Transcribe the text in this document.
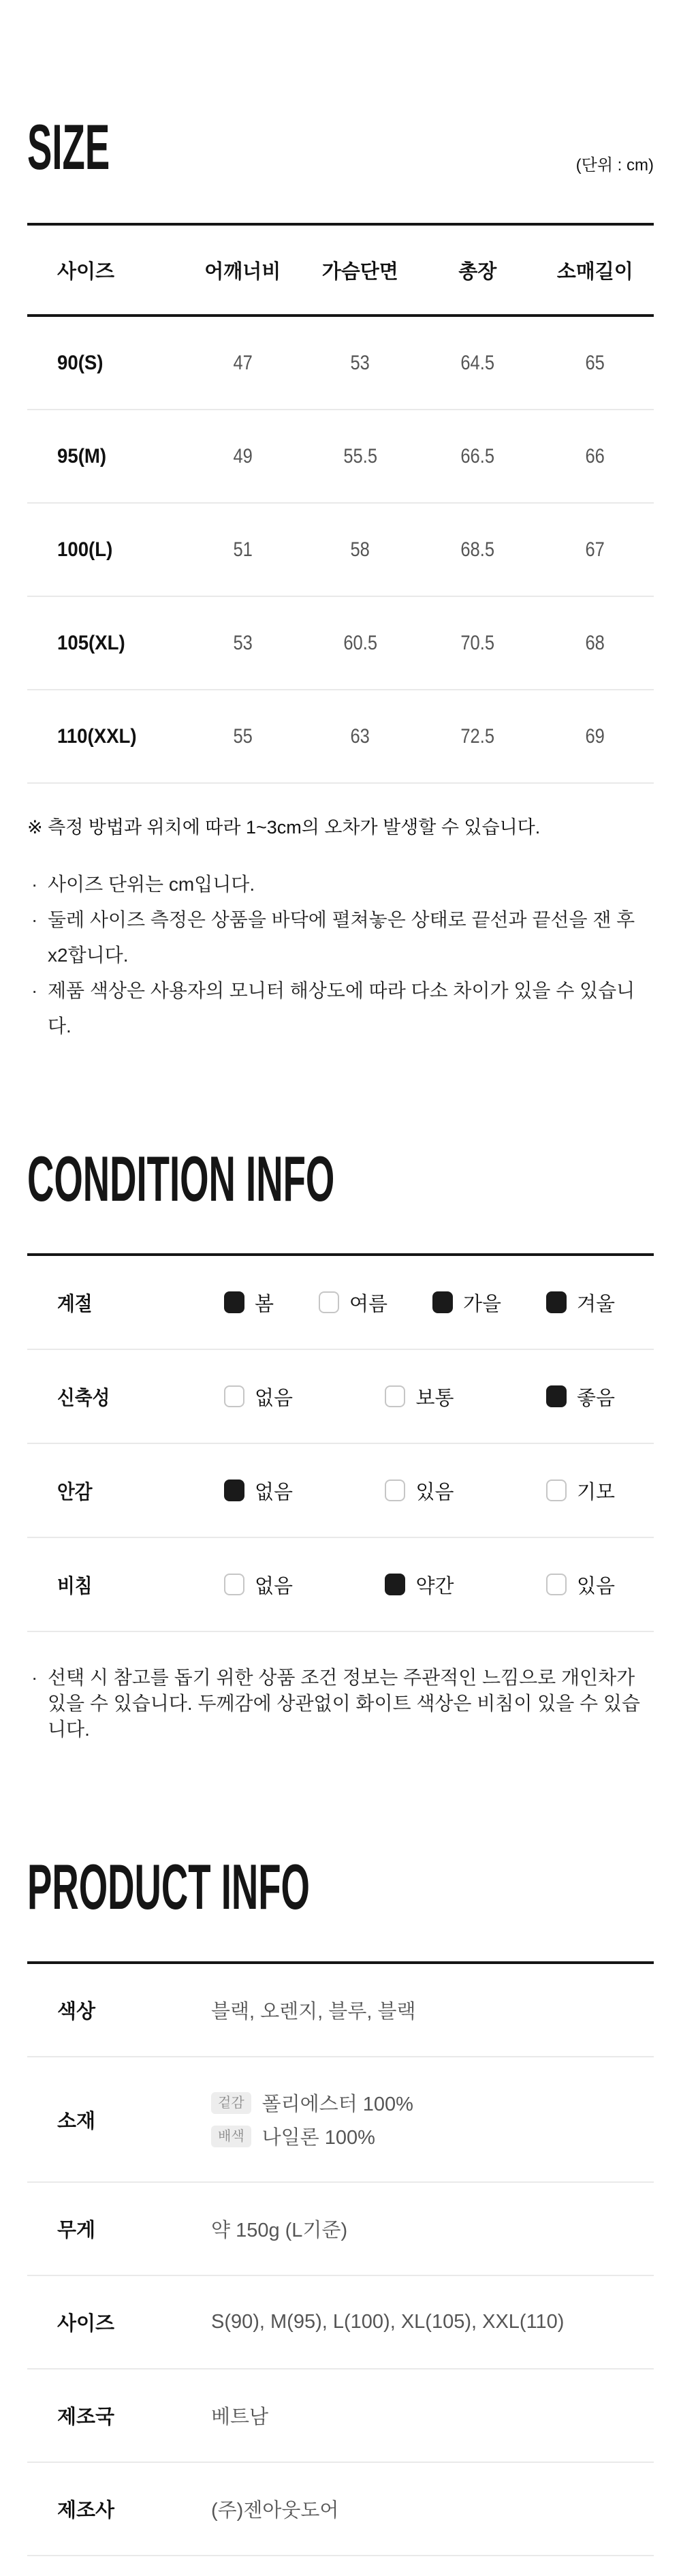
SIZE	(단위 : cm)
사이즈	어깨너비	가슴단면	총장	소매길이
90(S)	47	53	64.5	65
95(M)	49	55.5	66.5	66
100(L)	51	58	68.5	67
105(XL)	53	60.5	70.5	68
110(XXL)	55	63	72.5	69

※ 측정 방법과 위치에 따라 1~3cm의 오차가 발생할 수 있습니다.

· 사이즈 단위는 cm입니다.
· 둘레 사이즈 측정은 상품을 바닥에 펼쳐놓은 상태로 끝선과 끝선을 잰 후 x2합니다.
· 제품 색상은 사용자의 모니터 해상도에 따라 다소 차이가 있을 수 있습니다.
CONDITION INFO
계절	봄	여름	가을	겨울
신축성	없음	보통	좋음
안감	없음	있음	기모
비침	없음	약간	있음

· 선택 시 참고를 돕기 위한 상품 조건 정보는 주관적인 느낌으로 개인차가 있을 수 있습니다. 두께감에 상관없이 화이트 색상은 비침이 있을 수 있습니다.

PRODUCT INFO
색상	블랙, 오렌지, 블루, 블랙
소재
겉감 폴리에스터 100%
배색 나일론 100%
무게	약 150g (L기준)
사이즈	S(90), M(95), L(100), XL(105), XXL(110)
제조국	베트남
제조사	(주)젠아웃도어
